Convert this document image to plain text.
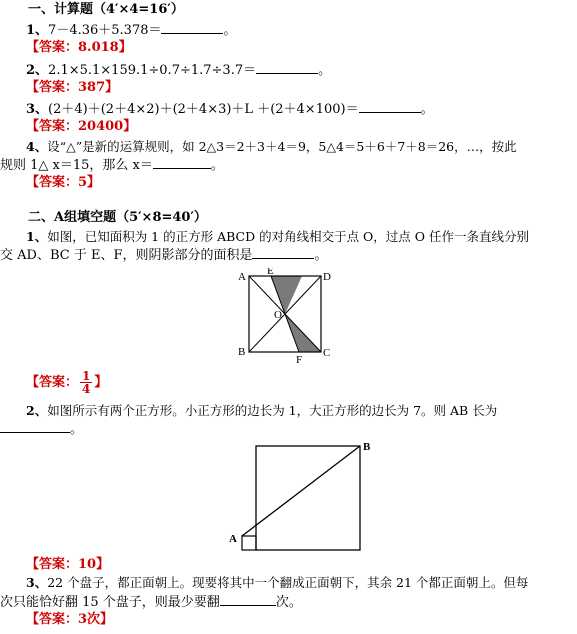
一、计算题（4′×4=16′）
1、7－4.36＋5.378＝	。
【答案：8.018】
2、2.1×5.1×159.1÷0.7÷1.7÷3.7＝	。
【答案：387】
3、(2＋4)＋(2＋4×2)＋(2＋4×3)＋L ＋(2＋4×100)＝	。
【答案：20400】
4、设“△”是新的运算规则，如 2△3＝2＋3＋4＝9，5△4＝5＋6＋7＋8＝26，…，按此
规则 1△ x＝15，那么 x＝	。
【答案：5】
二、A组填空题（5′×8=40′）
1、如图，已知面积为 1 的正方形 ABCD 的对角线相交于点 O，过点 O 任作一条直线分别
交 AD、BC 于 E、F，则阴影部分的面积是	。
A	D
B	C
E
F
O
【答案： $\frac{1}{4}$ 】
2、如图所示有两个正方形。小正方形的边长为 1，大正方形的边长为 7。则 AB 长为
。
A
B
【答案：10】
3、22 个盘子，都正面朝上。现要将其中一个翻成正面朝下，其余 21 个都正面朝上。但每
次只能恰好翻 15 个盘子，则最少要翻	次。
【答案：3次】
